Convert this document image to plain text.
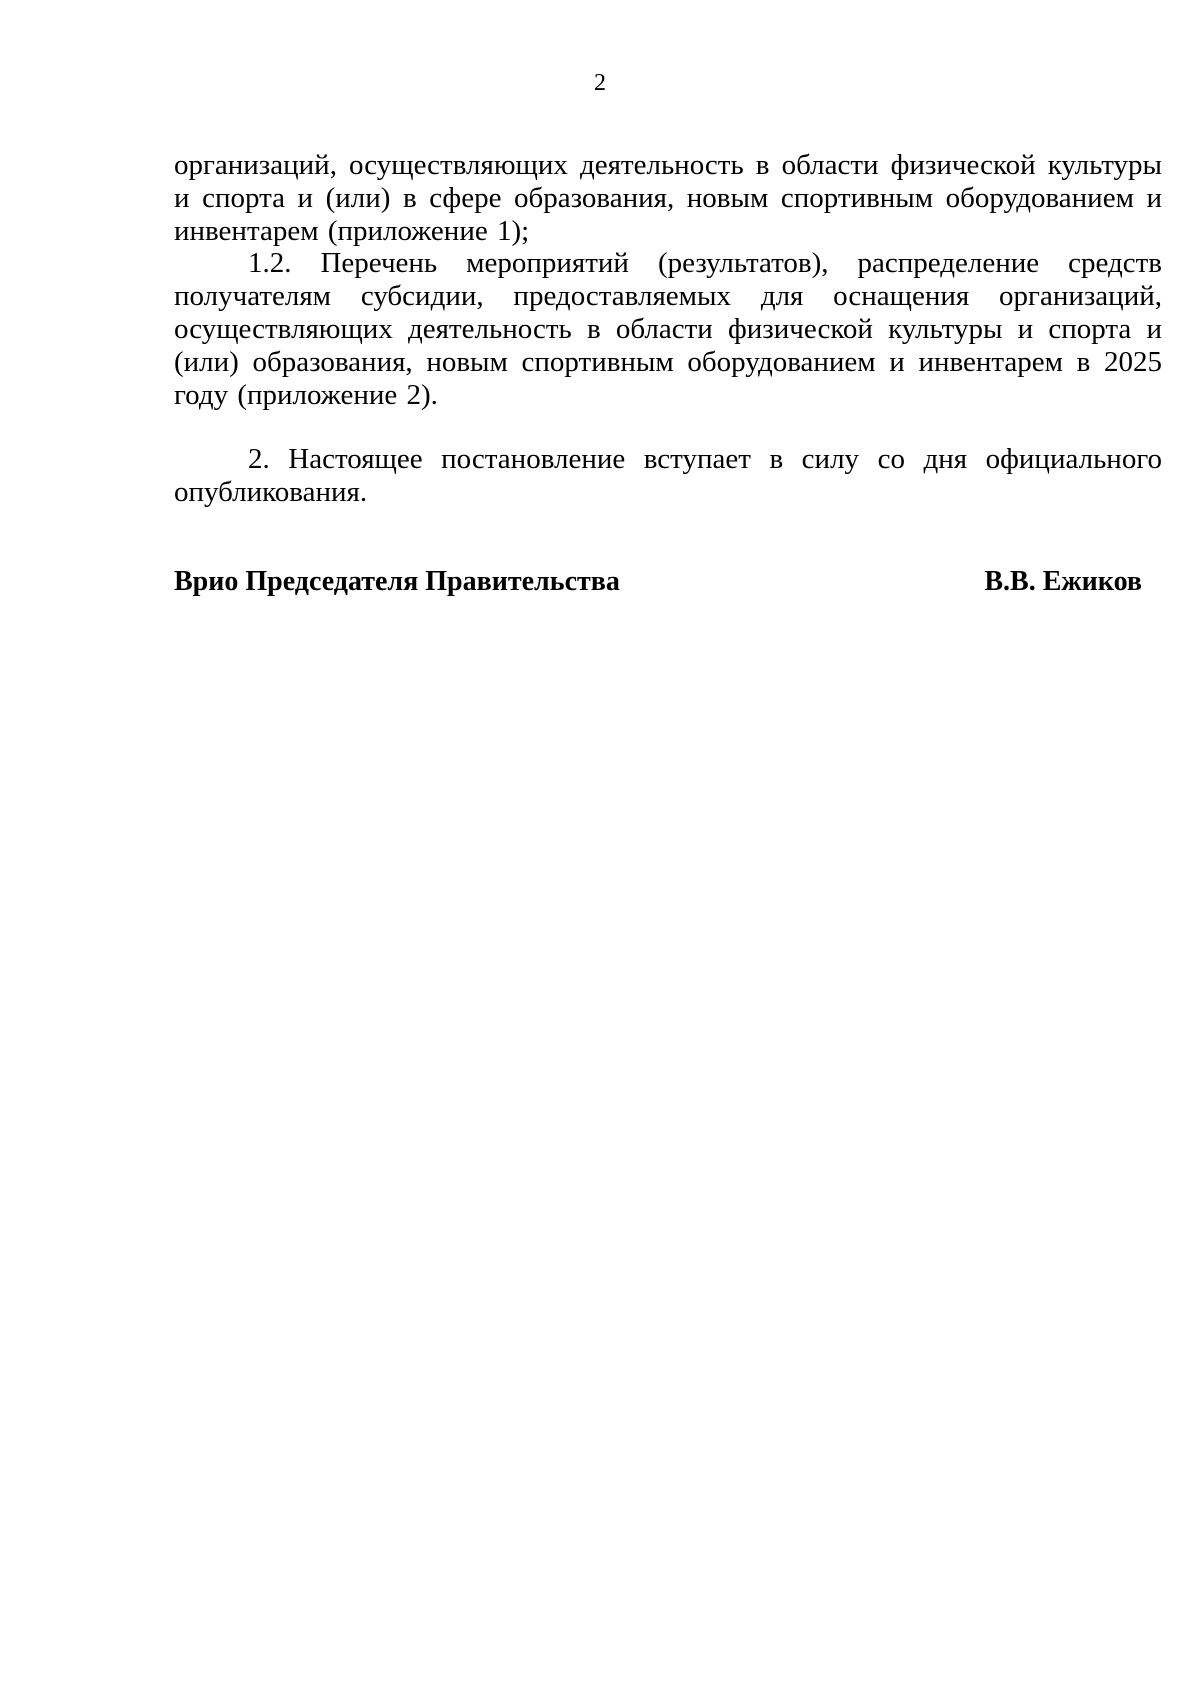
2

организаций, осуществляющих деятельность в области физической культуры и спорта и (или) в сфере образования, новым спортивным оборудованием и инвентарем (приложение 1);

1.2. Перечень мероприятий (результатов), распределение средств получателям субсидии, предоставляемых для оснащения организаций, осуществляющих деятельность в области физической культуры и спорта и (или) образования, новым спортивным оборудованием и инвентарем в 2025 году (приложение 2).

2. Настоящее постановление вступает в силу со дня официального опубликования.

Врио Председателя Правительства	В.В. Ежиков
